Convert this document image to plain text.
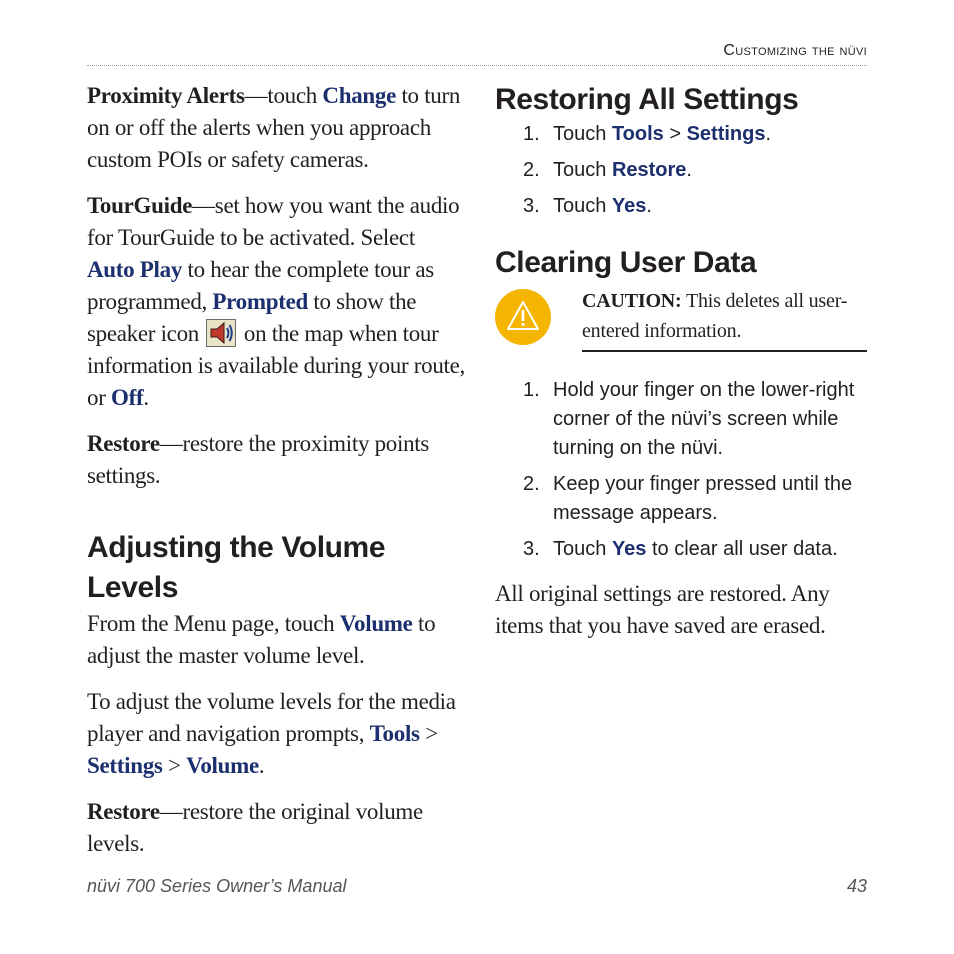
Customizing the nüvi

Proximity Alerts—touch Change to turn on or off the alerts when you approach custom POIs or safety cameras.

TourGuide—set how you want the audio for TourGuide to be activated. Select Auto Play to hear the complete tour as programmed, Prompted to show the speaker icon  on the map when tour information is available during your route, or Off.

Restore—restore the proximity points settings.

Adjusting the Volume Levels

From the Menu page, touch Volume to adjust the master volume level.

To adjust the volume levels for the media player and navigation prompts, Tools > Settings > Volume.

Restore—restore the original volume levels.

Restoring All Settings
1. Touch Tools > Settings.
2. Touch Restore.
3. Touch Yes.
Clearing User Data
CAUTION: This deletes all user-entered information.
1. Hold your finger on the lower-right corner of the nüvi’s screen while turning on the nüvi.
2. Keep your finger pressed until the message appears.
3. Touch Yes to clear all user data.

All original settings are restored. Any items that you have saved are erased.

nüvi 700 Series Owner’s Manual	43
